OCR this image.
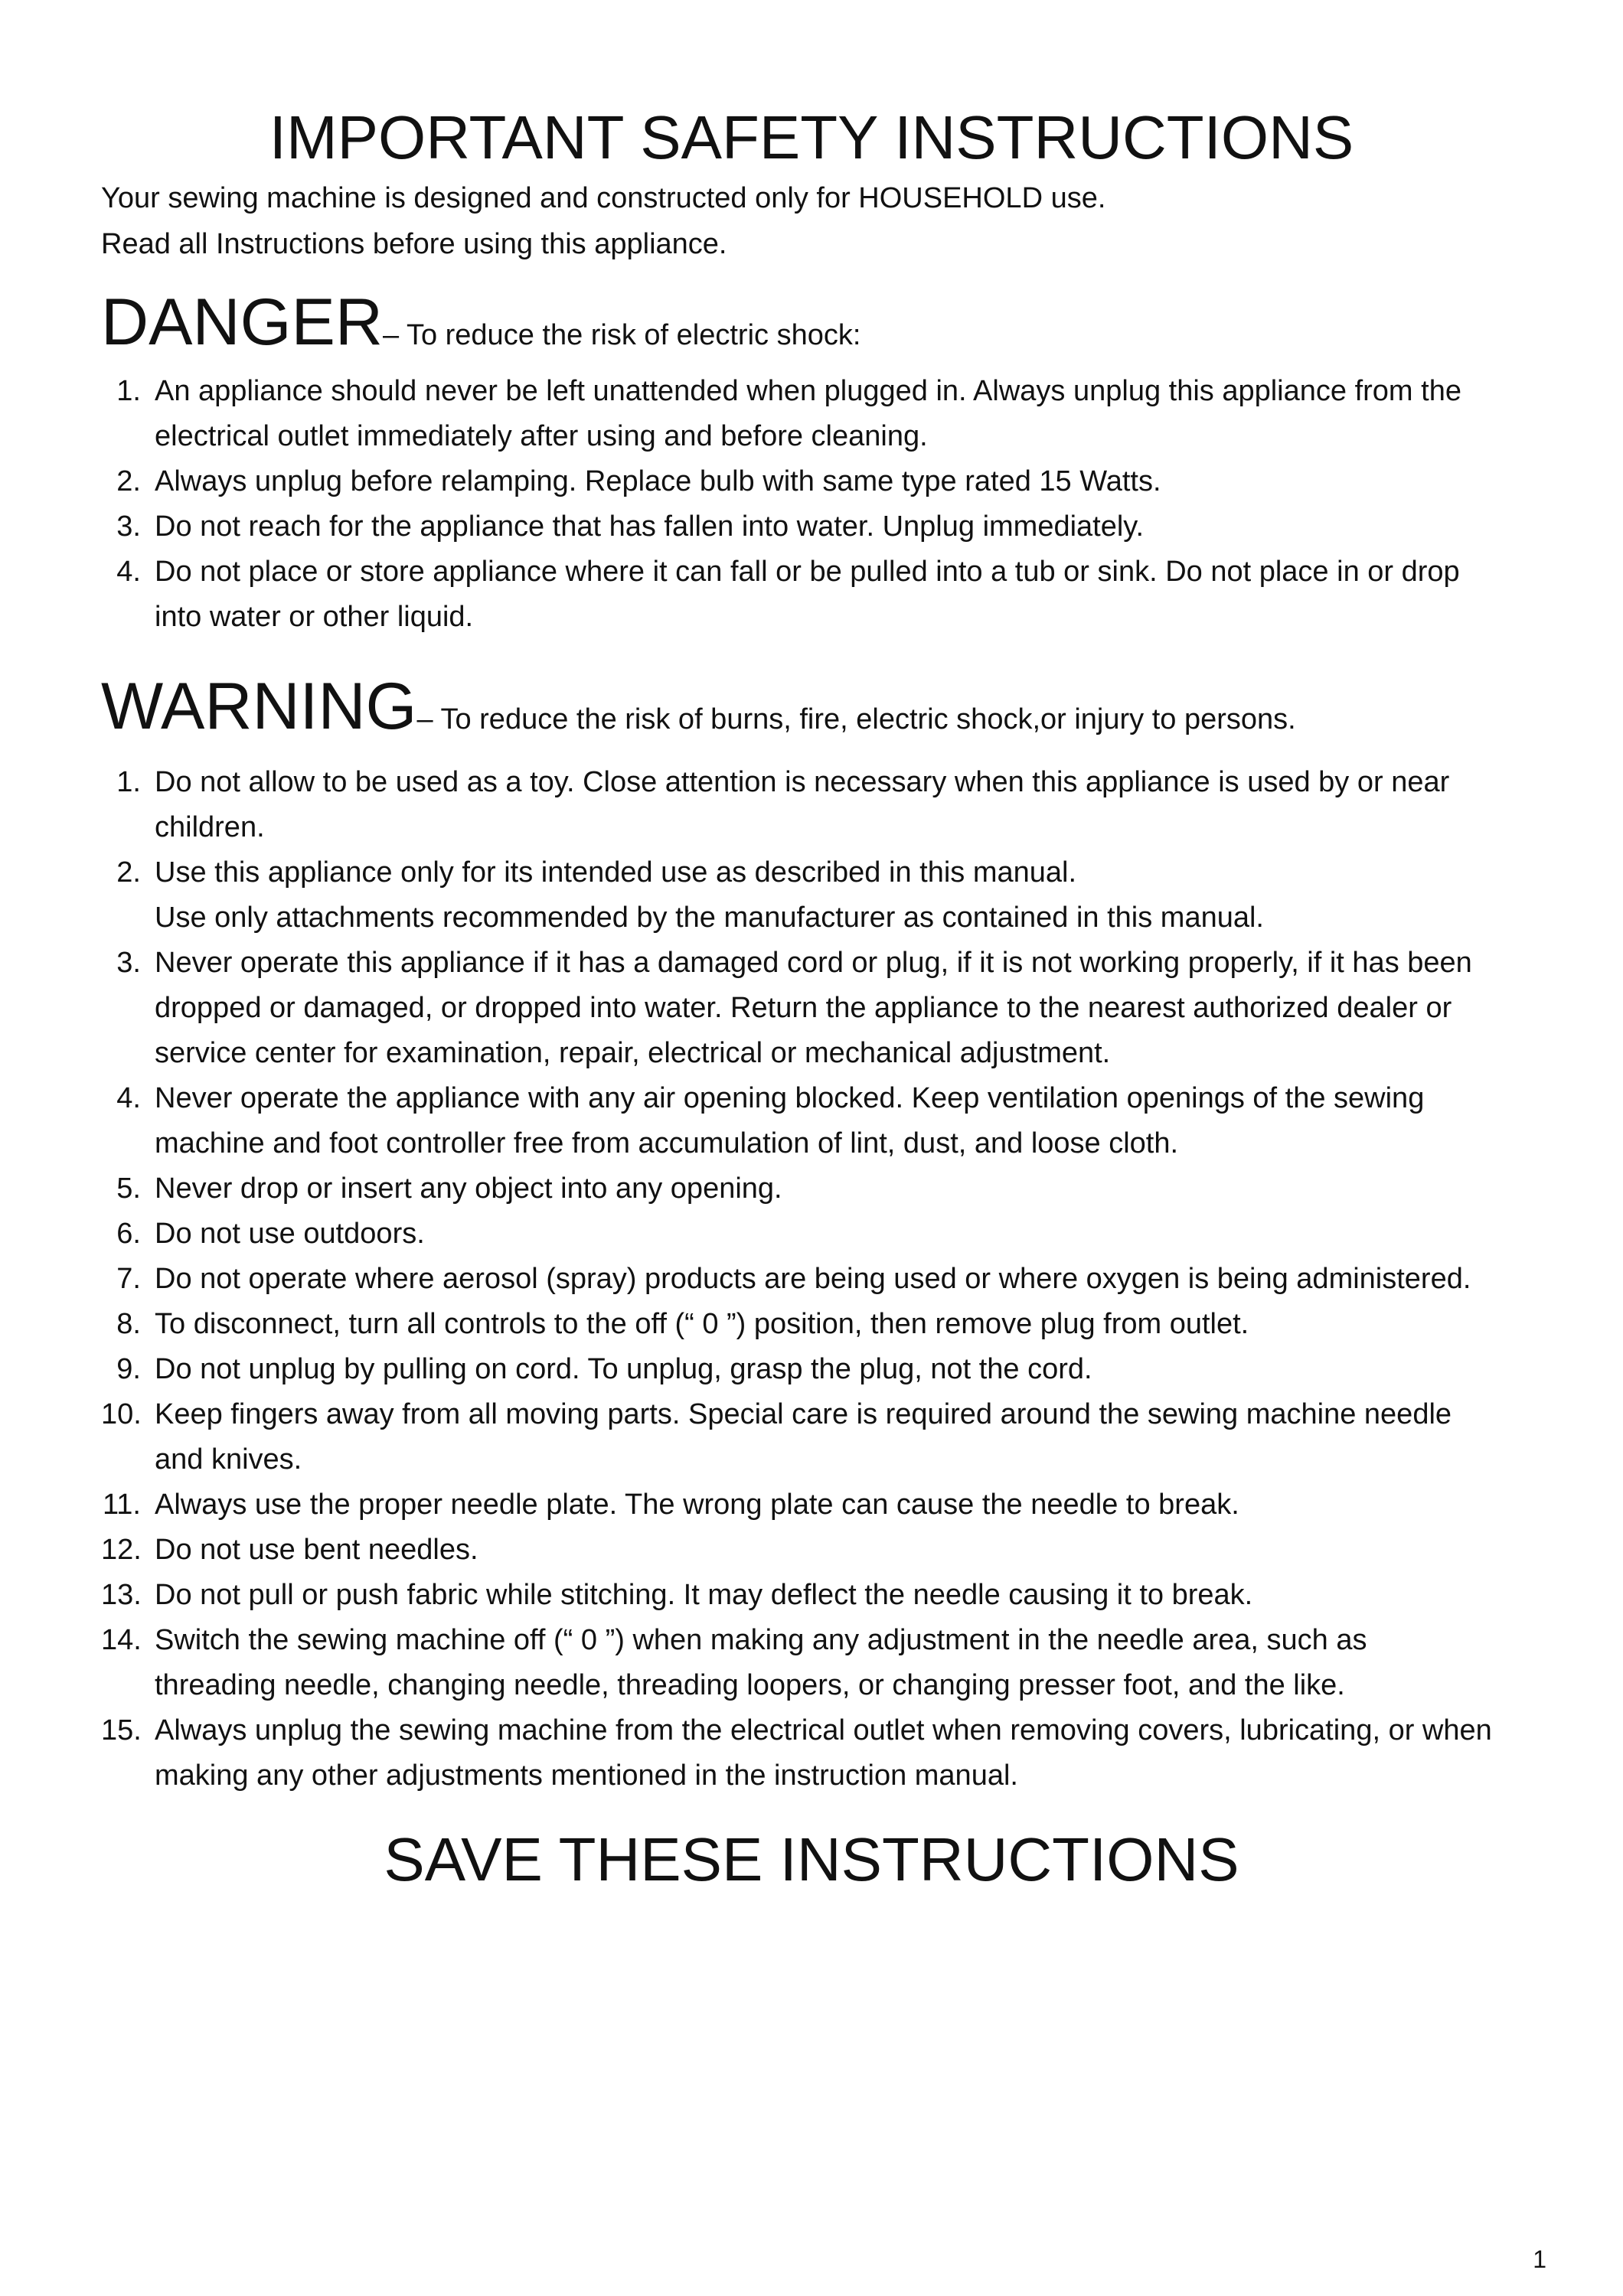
IMPORTANT SAFETY INSTRUCTIONS

Your sewing machine is designed and constructed only for HOUSEHOLD use.

Read all Instructions before using this appliance.

DANGER– To reduce the risk of electric shock:
1. An appliance should never be left unattended when plugged in. Always unplug this appliance from the
electrical outlet immediately after using and before cleaning.
2. Always unplug before relamping. Replace bulb with same type rated 15 Watts.
3. Do not reach for the appliance that has fallen into water. Unplug immediately.
4. Do not place or store appliance where it can fall or be pulled into a tub or sink. Do not place in or drop
into water or other liquid.
WARNING– To reduce the risk of burns, fire, electric shock,or injury to persons.
1. Do not allow to be used as a toy. Close attention is necessary when this appliance is used by or near
children.
2. Use this appliance only for its intended use as described in this manual.
Use only attachments recommended by the manufacturer as contained in this manual.
3. Never operate this appliance if it has a damaged cord or plug, if it is not working properly, if it has been
dropped or damaged, or dropped into water. Return the appliance to the nearest authorized dealer or
service center for examination, repair, electrical or mechanical adjustment.
4. Never operate the appliance with any air opening blocked. Keep ventilation openings of the sewing
machine and foot controller free from accumulation of lint, dust, and loose cloth.
5. Never drop or insert any object into any opening.
6. Do not use outdoors.
7. Do not operate where aerosol (spray) products are being used or where oxygen is being administered.
8. To disconnect, turn all controls to the off (“ 0 ”) position, then remove plug from outlet.
9. Do not unplug by pulling on cord. To unplug, grasp the plug, not the cord.
10. Keep fingers away from all moving parts. Special care is required around the sewing machine needle
and knives.
11. Always use the proper needle plate. The wrong plate can cause the needle to break.
12. Do not use bent needles.
13. Do not pull or push fabric while stitching. It may deflect the needle causing it to break.
14. Switch the sewing machine off (“ 0 ”) when making any adjustment in the needle area, such as
threading needle, changing needle, threading loopers, or changing presser foot, and the like.
15. Always unplug the sewing machine from the electrical outlet when removing covers, lubricating, or when
making any other adjustments mentioned in the instruction manual.
SAVE THESE INSTRUCTIONS
1
